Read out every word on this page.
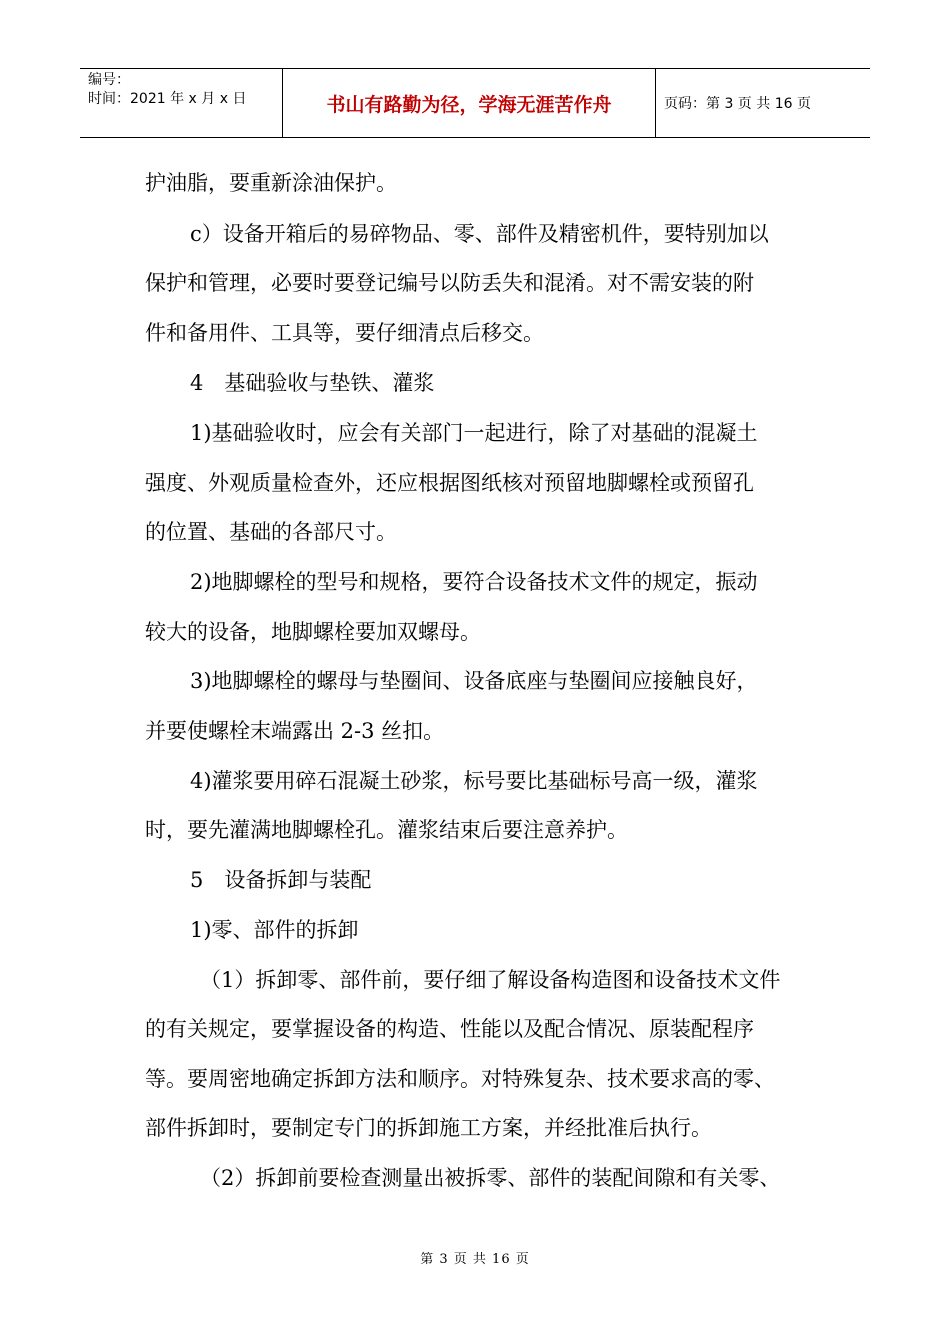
编号：
时间：2021 年 x 月 x 日	书山有路勤为径，学海无涯苦作舟	页码：第 3 页 共 16 页
护油脂，要重新涂油保护。
c）设备开箱后的易碎物品、零、部件及精密机件，要特别加以
保护和管理，必要时要登记编号以防丢失和混淆。对不需安装的附
件和备用件、工具等，要仔细清点后移交。
4　基础验收与垫铁、灌浆
1)基础验收时，应会有关部门一起进行，除了对基础的混凝土
强度、外观质量检查外，还应根据图纸核对预留地脚螺栓或预留孔
的位置、基础的各部尺寸。
2)地脚螺栓的型号和规格，要符合设备技术文件的规定，振动
较大的设备，地脚螺栓要加双螺母。
3)地脚螺栓的螺母与垫圈间、设备底座与垫圈间应接触良好，
并要使螺栓末端露出 2-3 丝扣。
4)灌浆要用碎石混凝土砂浆，标号要比基础标号高一级，灌浆
时，要先灌满地脚螺栓孔。灌浆结束后要注意养护。
5　设备拆卸与装配
1)零、部件的拆卸
（1）拆卸零、部件前，要仔细了解设备构造图和设备技术文件
的有关规定，要掌握设备的构造、性能以及配合情况、原装配程序
等。要周密地确定拆卸方法和顺序。对特殊复杂、技术要求高的零、
部件拆卸时，要制定专门的拆卸施工方案，并经批准后执行。
（2）拆卸前要检查测量出被拆零、部件的装配间隙和有关零、
第 3 页 共 16 页
